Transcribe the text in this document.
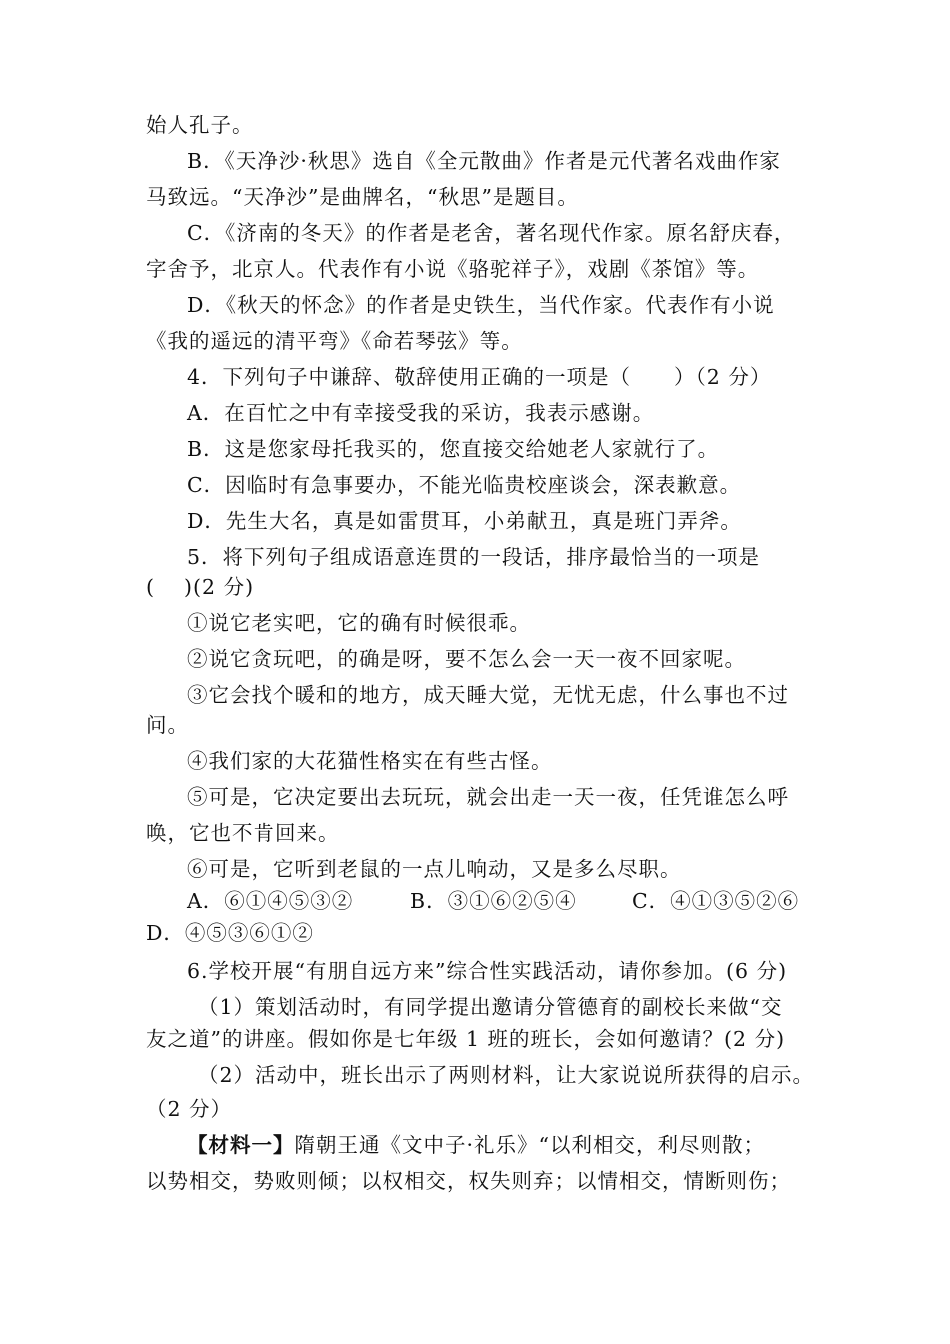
始人孔子。
B．《天净沙·秋思》选自《全元散曲》作者是元代著名戏曲作家
马致远。“天净沙”是曲牌名，“秋思”是题目。
C．《济南的冬天》的作者是老舍，著名现代作家。原名舒庆春，
字舍予，北京人。代表作有小说《骆驼祥子》，戏剧《茶馆》等。
D．《秋天的怀念》的作者是史铁生，当代作家。代表作有小说
《我的遥远的清平弯》《命若琴弦》等。
4．下列句子中谦辞、敬辞使用正确的一项是（　　）（2 分）
A．在百忙之中有幸接受我的采访，我表示感谢。
B．这是您家母托我买的，您直接交给她老人家就行了。
C．因临时有急事要办，不能光临贵校座谈会，深表歉意。
D．先生大名，真是如雷贯耳，小弟献丑，真是班门弄斧。
5．将下列句子组成语意连贯的一段话，排序最恰当的一项是
(　 )(2 分)
①说它老实吧，它的确有时候很乖。
②说它贪玩吧，的确是呀，要不怎么会一天一夜不回家呢。
③它会找个暖和的地方，成天睡大觉，无忧无虑，什么事也不过
问。
④我们家的大花猫性格实在有些古怪。
⑤可是，它决定要出去玩玩，就会出走一天一夜，任凭谁怎么呼
唤，它也不肯回来。
⑥可是，它听到老鼠的一点儿响动，又是多么尽职。
A．⑥①④⑤③②	B．③①⑥②⑤④	C．④①③⑤②⑥
D．④⑤③⑥①②
6.学校开展“有朋自远方来”综合性实践活动，请你参加。(6 分)
（1）策划活动时，有同学提出邀请分管德育的副校长来做“交
友之道”的讲座。假如你是七年级 1 班的班长，会如何邀请？(2 分)
（2）活动中，班长出示了两则材料，让大家说说所获得的启示。
（2 分）
【材料一】隋朝王通《文中子·礼乐》“以利相交，利尽则散；
以势相交，势败则倾；以权相交，权失则弃；以情相交，情断则伤；
